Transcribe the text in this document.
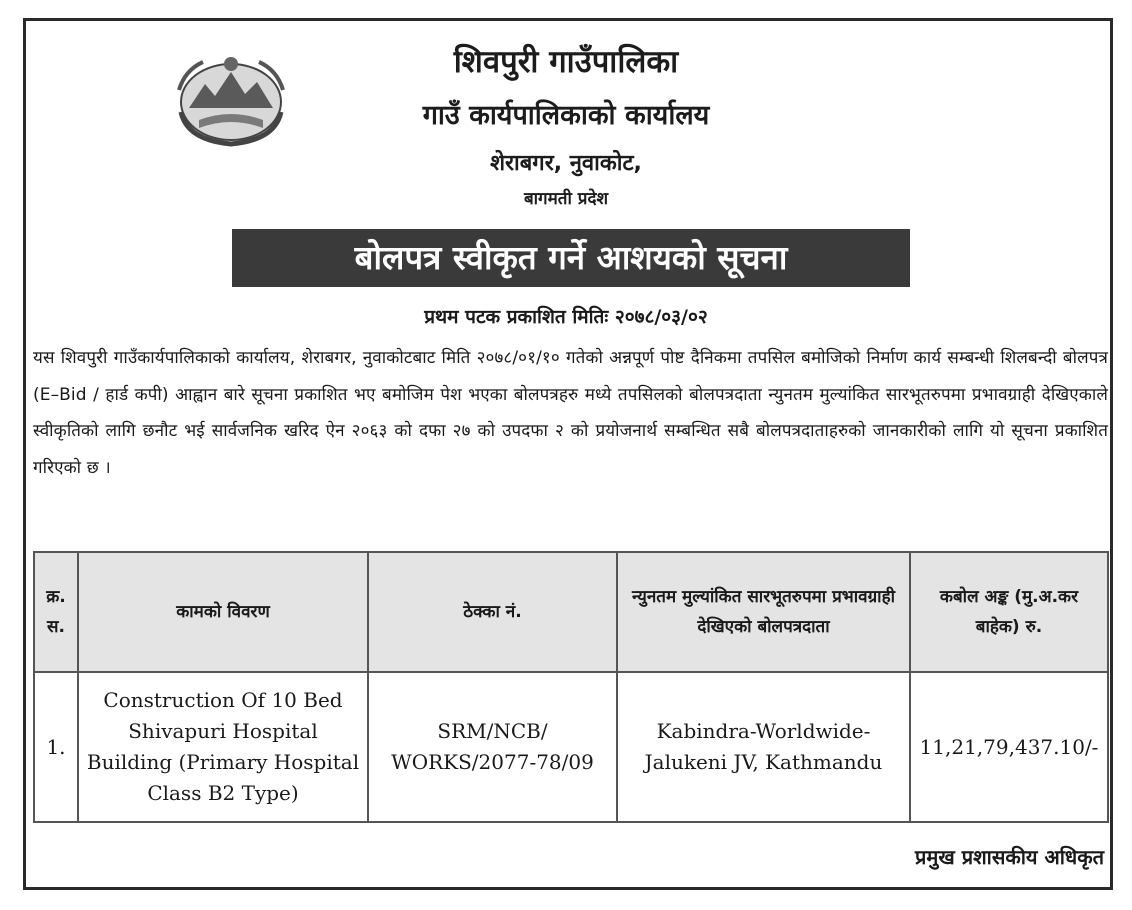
शिवपुरी गाउँपालिका
गाउँ कार्यपालिकाको कार्यालय
शेराबगर, नुवाकोट,
बागमती प्रदेश
बोलपत्र स्वीकृत गर्ने आशयको सूचना
प्रथम पटक प्रकाशित मितिः २०७८/०३/०२
यस शिवपुरी गाउँकार्यपालिकाको कार्यालय, शेराबगर, नुवाकोटबाट मिति २०७८/०१/१० गतेको अन्नपूर्ण पोष्ट दैनिकमा तपसिल बमोजिको निर्माण कार्य सम्बन्धी शिलबन्दी बोलपत्र (E–Bid / हार्ड कपी) आह्वान बारे सूचना प्रकाशित भए बमोजिम पेश भएका बोलपत्रहरु मध्ये तपसिलको बोलपत्रदाता न्युनतम मुल्यांकित सारभूतरुपमा प्रभावग्राही देखिएकाले स्वीकृतिको लागि छनौट भई सार्वजनिक खरिद ऐन २०६३ को दफा २७ को उपदफा २ को प्रयोजनार्थ सम्बन्धित सबै बोलपत्रदाताहरुको जानकारीको लागि यो सूचना प्रकाशित गरिएको छ ।
क्र. स.	कामको विवरण	ठेक्का नं.	न्युनतम मुल्यांकित सारभूतरुपमा प्रभावग्राही देखिएको बोलपत्रदाता	कबोल अङ्क (मु.अ.कर बाहेक) रु.
1.	Construction Of 10 Bed Shivapuri Hospital Building (Primary Hospital Class B2 Type)	SRM/NCB/ WORKS/2077-78/09	Kabindra-Worldwide- Jalukeni JV, Kathmandu	11,21,79,437.10/-
प्रमुख प्रशासकीय अधिकृत
